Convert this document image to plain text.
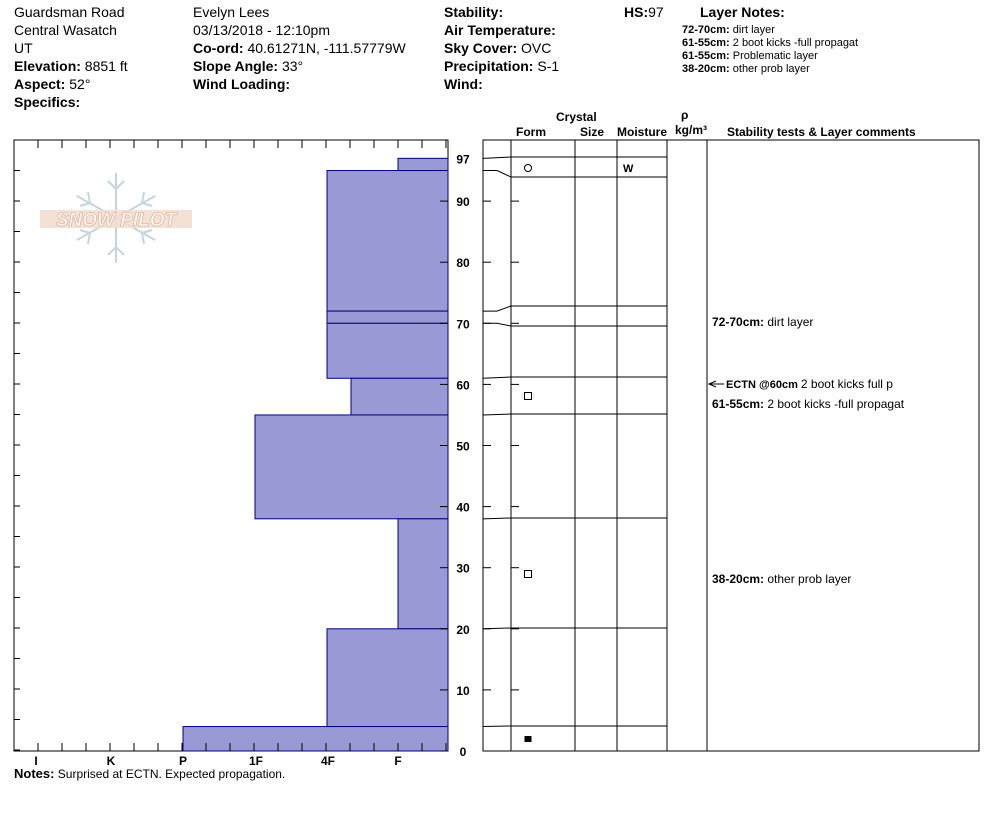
Guardsman Road
Central Wasatch
UT
Elevation: 8851 ft
Aspect: 52°
Specifics:
Evelyn Lees
03/13/2018 - 12:10pm
Co-ord: 40.61271N, -111.57779W
Slope Angle: 33°
Wind Loading:
Stability:
Air Temperature:
Sky Cover: OVC
Precipitation: S-1
Wind:
HS:97	Layer Notes:
72-70cm: dirt layer
61-55cm: 2 boot kicks -full propagat
61-55cm: Problematic layer
38-20cm: other prob layer
Crystal
Form	Size Moisture
ρ
kg/m³ Stability tests & Layer comments
SNOW PILOT
I	K	P	1F	4F	F
0
10
20
30
40
50
60
70
80
90
97
W
72-70cm: dirt layer
ECTN @60cm 2 boot kicks full p
61-55cm: 2 boot kicks -full propagat
38-20cm: other prob layer
Notes: Surprised at ECTN. Expected propagation.
